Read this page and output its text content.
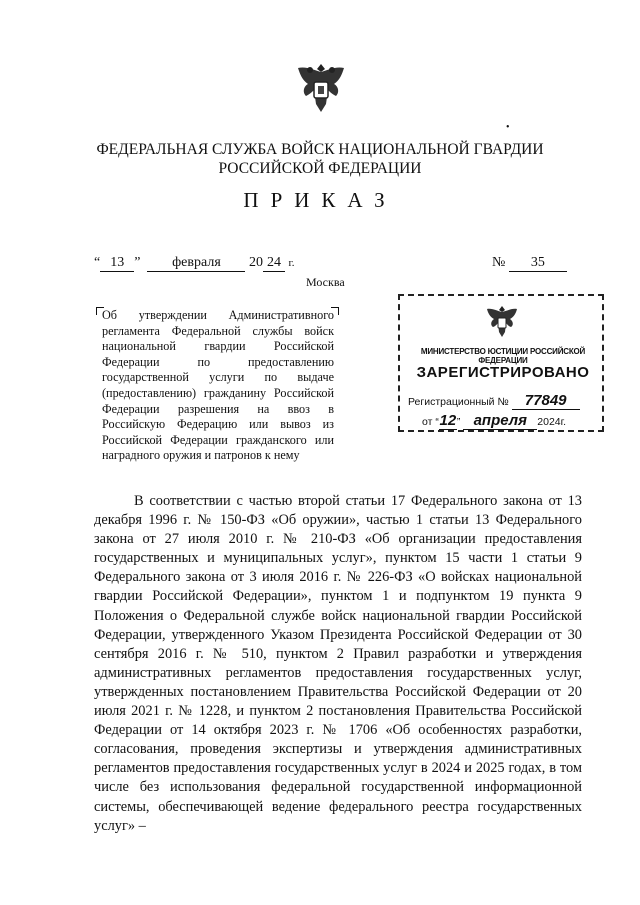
•
ФЕДЕРАЛЬНАЯ СЛУЖБА ВОЙСК НАЦИОНАЛЬНОЙ ГВАРДИИ
РОССИЙСКОЙ ФЕДЕРАЦИИ
ПРИКАЗ
“ 13 ”  февраля 20 24 г.	№ 35
Москва
Об утверждении Административного регламента Федеральной службы войск национальной гвардии Российской Федерации по предоставлению государственной услуги по выдаче (предоставлению) гражданину Российской Федерации разрешения на ввоз в Российскую Федерацию или вывоз из Российской Федерации гражданского или наградного оружия и патронов к нему
МИНИСТЕРСТВО ЮСТИЦИИ РОССИЙСКОЙ ФЕДЕРАЦИИ
ЗАРЕГИСТРИРОВАНО
Регистрационный № 77849
от “12” апреля 2024г.

В соответствии с частью второй статьи 17 Федерального закона от 13 декабря 1996 г. № 150-ФЗ «Об оружии», частью 1 статьи 13 Федерального закона от 27 июля 2010 г. № 210-ФЗ «Об организации предоставления государственных и муниципальных услуг», пунктом 15 части 1 статьи 9 Федерального закона от 3 июля 2016 г. № 226-ФЗ «О войсках национальной гвардии Российской Федерации», пунктом 1 и подпунктом 19 пункта 9 Положения о Федеральной службе войск национальной гвардии Российской Федерации, утвержденного Указом Президента Российской Федерации от 30 сентября 2016 г. № 510, пунктом 2 Правил разработки и утверждения административных регламентов предоставления государственных услуг, утвержденных постановлением Правительства Российской Федерации от 20 июля 2021 г. № 1228, и пунктом 2 постановления Правительства Российской Федерации от 14 октября 2023 г. № 1706 «Об особенностях разработки, согласования, проведения экспертизы и утверждения административных регламентов предоставления государственных услуг в 2024 и 2025 годах, в том числе без использования федеральной государственной информационной системы, обеспечивающей ведение федерального реестра государственных услуг» –
